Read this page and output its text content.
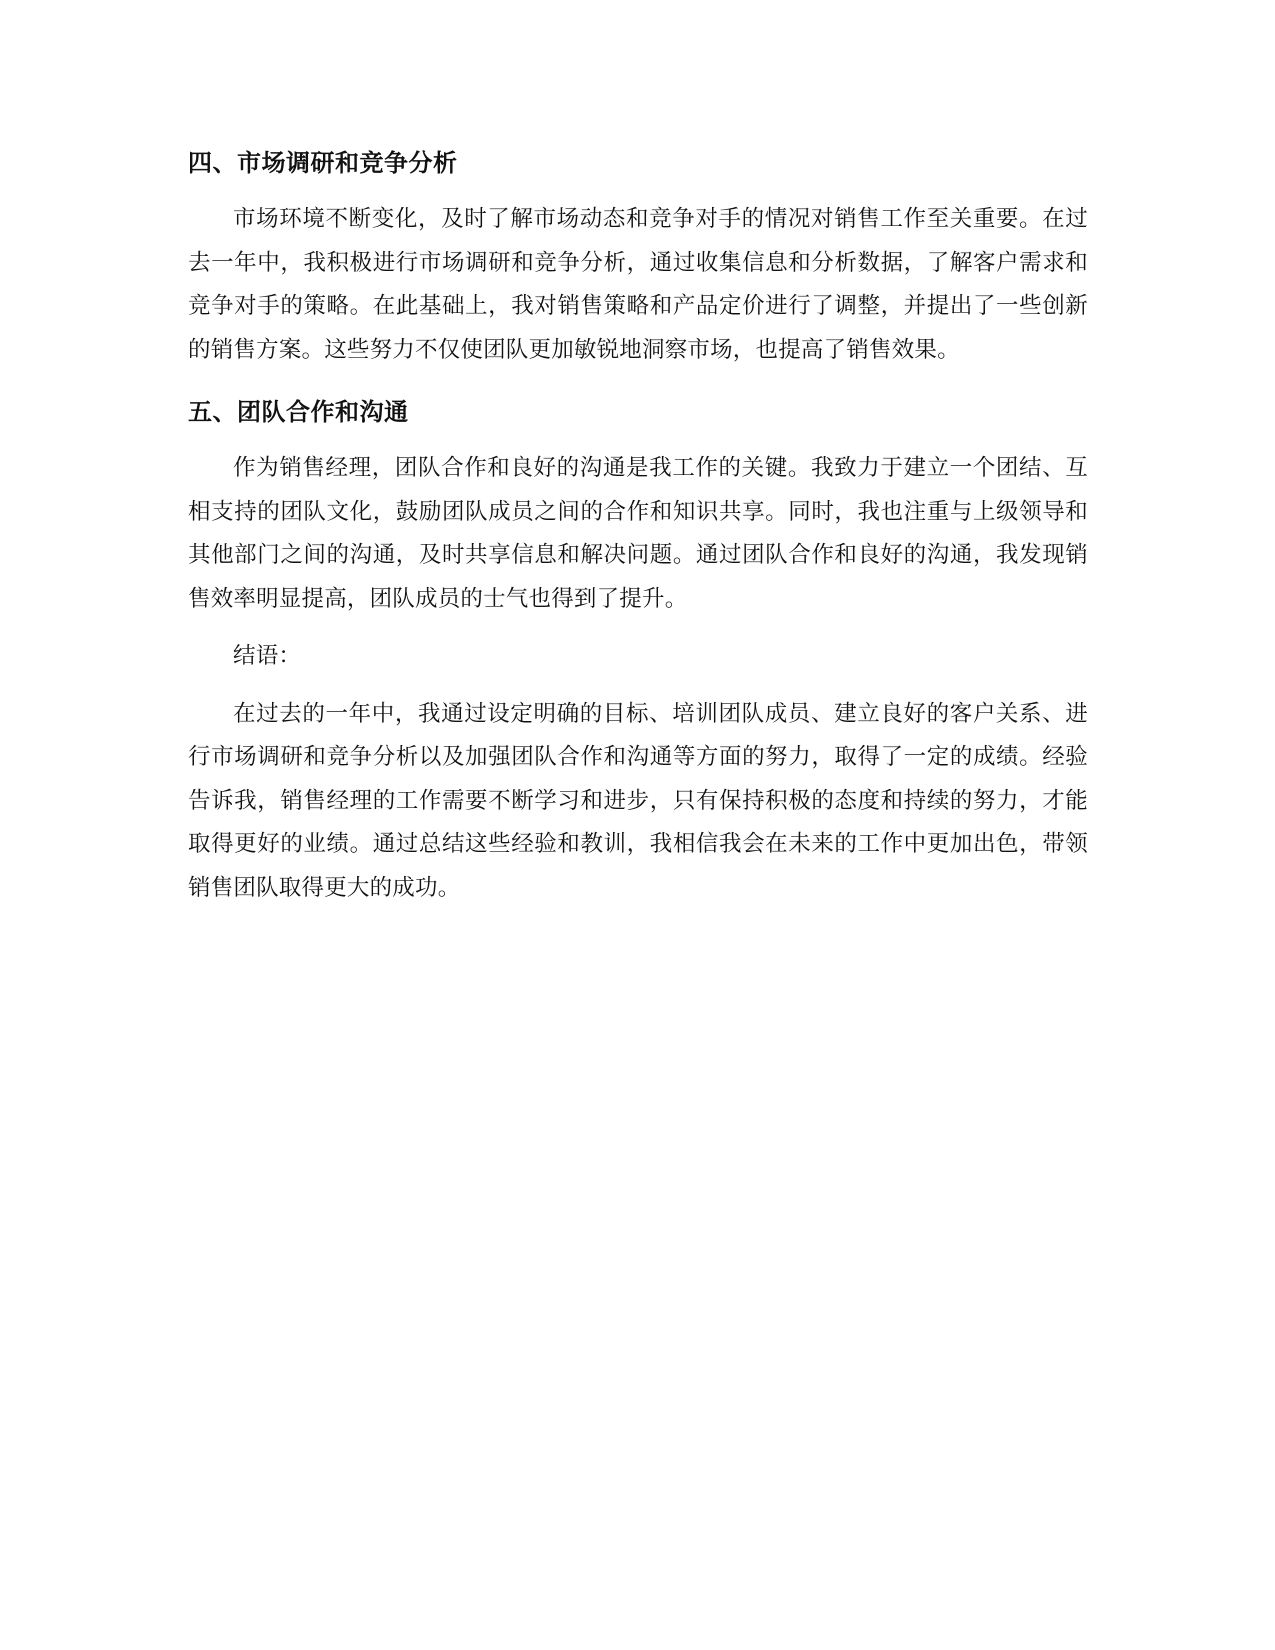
四、市场调研和竞争分析

市场环境不断变化，及时了解市场动态和竞争对手的情况对销售工作至关重要。在过去一年中，我积极进行市场调研和竞争分析，通过收集信息和分析数据，了解客户需求和竞争对手的策略。在此基础上，我对销售策略和产品定价进行了调整，并提出了一些创新的销售方案。这些努力不仅使团队更加敏锐地洞察市场，也提高了销售效果。

五、团队合作和沟通

作为销售经理，团队合作和良好的沟通是我工作的关键。我致力于建立一个团结、互相支持的团队文化，鼓励团队成员之间的合作和知识共享。同时，我也注重与上级领导和其他部门之间的沟通，及时共享信息和解决问题。通过团队合作和良好的沟通，我发现销售效率明显提高，团队成员的士气也得到了提升。

结语：

在过去的一年中，我通过设定明确的目标、培训团队成员、建立良好的客户关系、进行市场调研和竞争分析以及加强团队合作和沟通等方面的努力，取得了一定的成绩。经验告诉我，销售经理的工作需要不断学习和进步，只有保持积极的态度和持续的努力，才能取得更好的业绩。通过总结这些经验和教训，我相信我会在未来的工作中更加出色，带领销售团队取得更大的成功。
